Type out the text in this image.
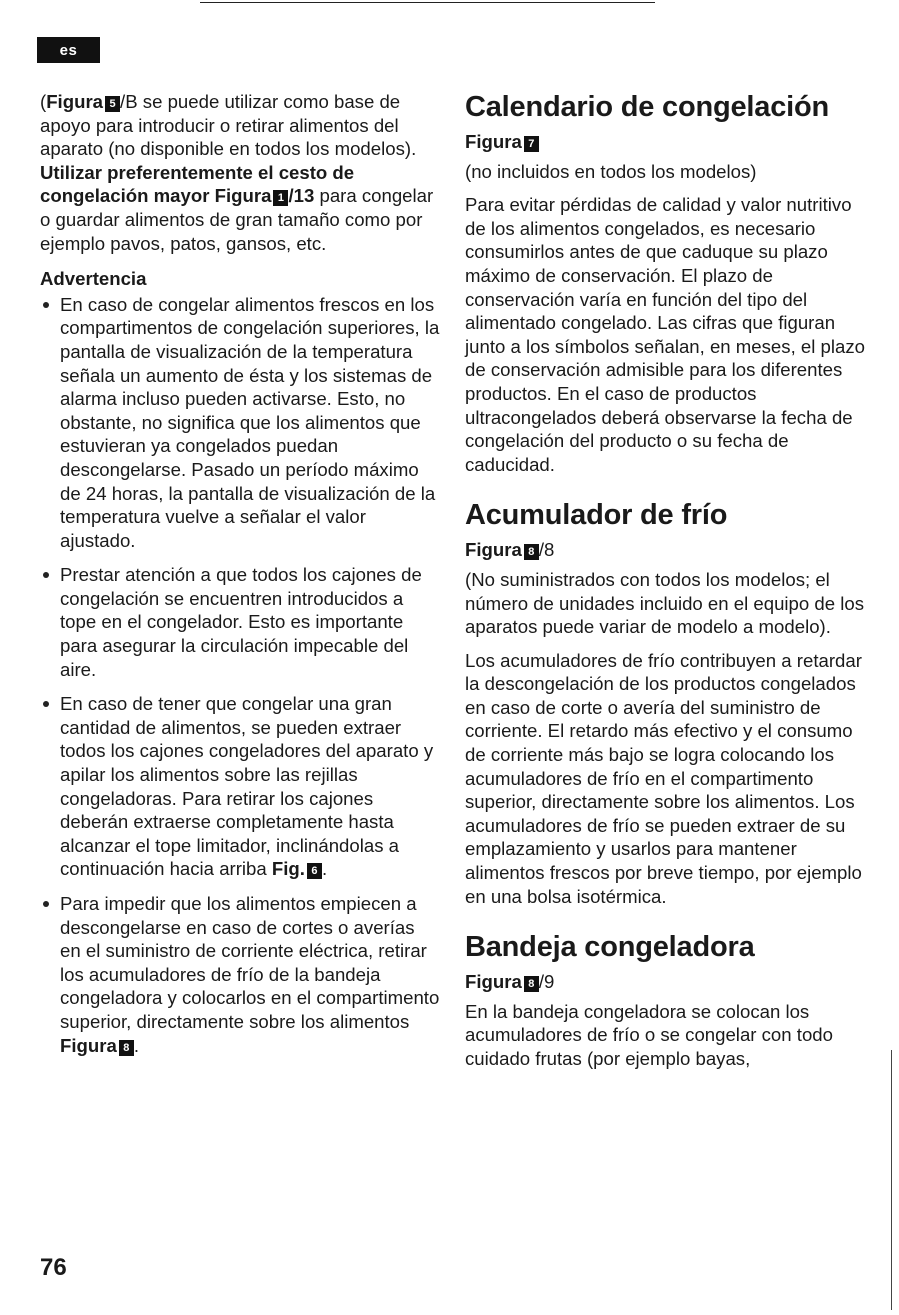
es

(Figura 5 /B se puede utilizar como base de apoyo para introducir o retirar alimentos del aparato (no disponible en todos los modelos).

Utilizar preferentemente el cesto de congelación mayor Figura 1 /13 para congelar o guardar alimentos de gran tamaño como por ejemplo pavos, patos, gansos, etc.

Advertencia
En caso de congelar alimentos frescos en los compartimentos de congelación superiores, la pantalla de visualización de la temperatura señala un aumento de ésta y los sistemas de alarma incluso pueden activarse. Esto, no obstante, no significa que los alimentos que estuvieran ya congelados puedan descongelarse. Pasado un período máximo de 24 horas, la pantalla de visualización de la temperatura vuelve a señalar el valor ajustado.
Prestar atención a que todos los cajones de congelación se encuentren introducidos a tope en el congelador. Esto es importante para asegurar la circulación impecable del aire.
En caso de tener que congelar una gran cantidad de alimentos, se pueden extraer todos los cajones congeladores del aparato y apilar los alimentos sobre las rejillas congeladoras. Para retirar los cajones deberán extraerse completamente hasta alcanzar el tope limitador, inclinándolas a continuación hacia arriba Fig. 6 .
Para impedir que los alimentos empiecen a descongelarse en caso de cortes o averías en el suministro de corriente eléctrica, retirar los acumuladores de frío de la bandeja congeladora y colocarlos en el compartimento superior, directamente sobre los alimentos Figura 8 .
Calendario de congelación
Figura 7

(no incluidos en todos los modelos)

Para evitar pérdidas de calidad y valor nutritivo de los alimentos congelados, es necesario consumirlos antes de que caduque su plazo máximo de conservación. El plazo de conservación varía en función del tipo del alimentado congelado. Las cifras que figuran junto a los símbolos señalan, en meses, el plazo de conservación admisible para los diferentes productos. En el caso de productos ultracongelados deberá observarse la fecha de congelación del producto o su fecha de caducidad.

Acumulador de frío
Figura 8 /8

(No suministrados con todos los modelos; el número de unidades incluido en el equipo de los aparatos puede variar de modelo a modelo).

Los acumuladores de frío contribuyen a retardar la descongelación de los productos congelados en caso de corte o avería del suministro de corriente. El retardo más efectivo y el consumo de corriente más bajo se logra colocando los acumuladores de frío en el compartimento superior, directamente sobre los alimentos. Los acumuladores de frío se pueden extraer de su emplazamiento y usarlos para mantener alimentos frescos por breve tiempo, por ejemplo en una bolsa isotérmica.

Bandeja congeladora
Figura 8 /9

En la bandeja congeladora se colocan los acumuladores de frío o se congelar con todo cuidado frutas (por ejemplo bayas,

76
